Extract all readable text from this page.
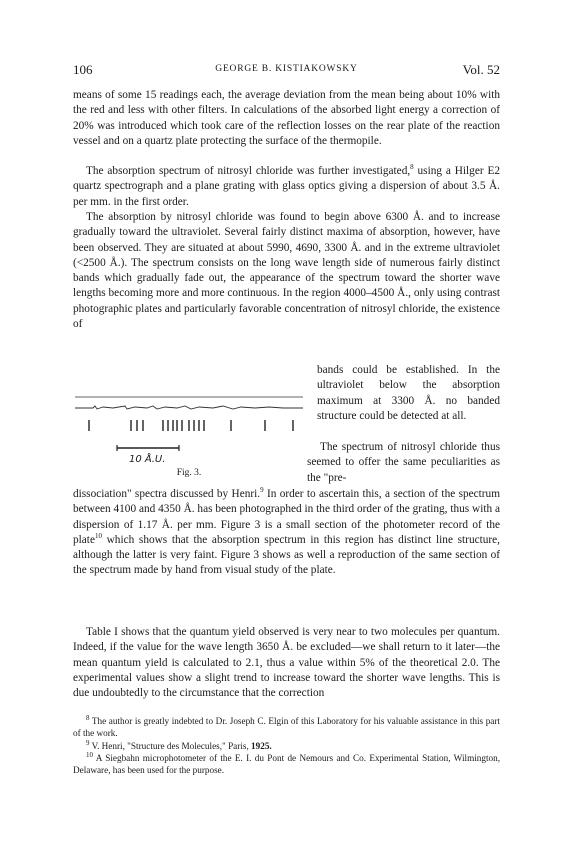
106	GEORGE B. KISTIAKOWSKY	Vol. 52

means of some 15 readings each, the average deviation from the mean being about 10% with the red and less with other filters. In calculations of the absorbed light energy a correction of 20% was introduced which took care of the reflection losses on the rear plate of the reaction vessel and on a quartz plate protecting the surface of the thermopile.

The absorption spectrum of nitrosyl chloride was further investigated,$^8$ using a Hilger E2 quartz spectrograph and a plane grating with glass optics giving a dispersion of about 3.5 Å. per mm. in the first order.

The absorption by nitrosyl chloride was found to begin above 6300 Å. and to increase gradually toward the ultraviolet. Several fairly distinct maxima of absorption, however, have been observed. They are situated at about 5990, 4690, 3300 Å. and in the extreme ultraviolet (<2500 Å.). The spectrum consists on the long wave length side of numerous fairly distinct bands which gradually fade out, the appearance of the spectrum toward the shorter wave lengths becoming more and more continuous. In the region 4000–4500 Å., only using contrast photographic plates and particularly favorable concentration of nitrosyl chloride, the existence of

bands could be established. In the ultraviolet below the absorption maximum at 3300 Å. no banded structure could be detected at all.

10 Å.U.
Fig. 3.

The spectrum of nitrosyl chloride thus seemed to offer the same peculiarities as the "pre-

dissociation" spectra discussed by Henri.$^9$ In order to ascertain this, a section of the spectrum between 4100 and 4350 Å. has been photographed in the third order of the grating, thus with a dispersion of 1.17 Å. per mm. Figure 3 is a small section of the photometer record of the plate$^{10}$ which shows that the absorption spectrum in this region has distinct line structure, although the latter is very faint. Figure 3 shows as well a reproduction of the same section of the spectrum made by hand from visual study of the plate.

Table I shows that the quantum yield observed is very near to two molecules per quantum. Indeed, if the value for the wave length 3650 Å. be excluded—we shall return to it later—the mean quantum yield is calculated to 2.1, thus a value within 5% of the theoretical 2.0. The experimental values show a slight trend to increase toward the shorter wave lengths. This is due undoubtedly to the circumstance that the correction

$^8$ The author is greatly indebted to Dr. Joseph C. Elgin of this Laboratory for his valuable assistance in this part of the work.

$^9$ V. Henri, "Structure des Molecules," Paris, 1925.

$^{10}$ A Siegbahn microphotometer of the E. I. du Pont de Nemours and Co. Experimental Station, Wilmington, Delaware, has been used for the purpose.
